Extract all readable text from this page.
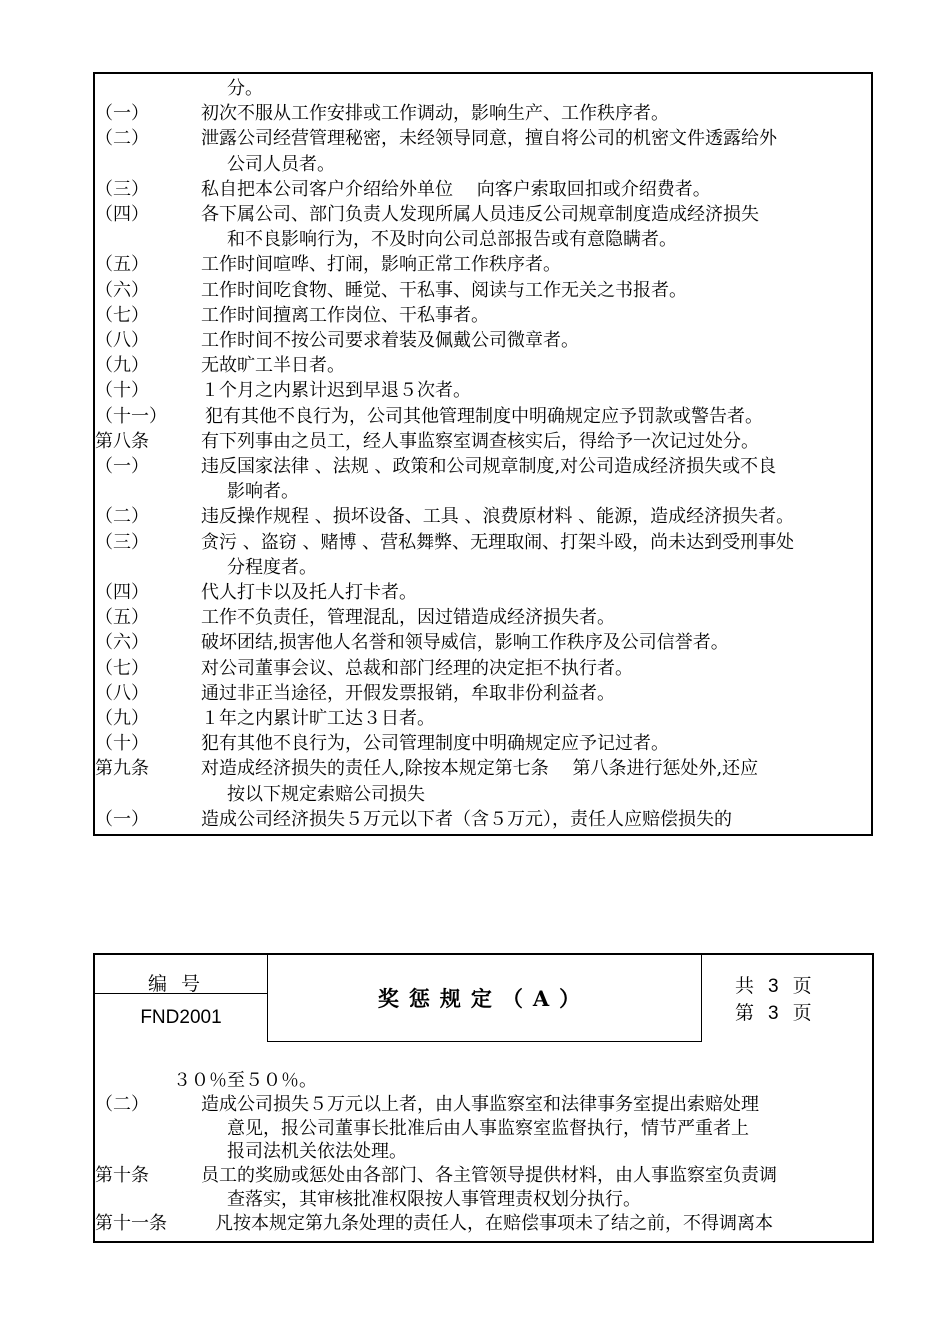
分。
（一）	初次不服从工作安排或工作调动，影响生产、工作秩序者。
（二）	泄露公司经营管理秘密，未经领导同意，擅自将公司的机密文件透露给外
公司人员者。
（三）	私自把本公司客户介绍给外单位　 向客户索取回扣或介绍费者。
（四）	各下属公司、部门负责人发现所属人员违反公司规章制度造成经济损失
和不良影响行为，不及时向公司总部报告或有意隐瞒者。
（五）	工作时间喧哗、打闹，影响正常工作秩序者。
（六）	工作时间吃食物、睡觉、干私事、阅读与工作无关之书报者。
（七）	工作时间擅离工作岗位、干私事者。
（八）	工作时间不按公司要求着装及佩戴公司微章者。
（九）	无故旷工半日者。
（十）	１个月之内累计迟到早退５次者。
（十一） 犯有其他不良行为，公司其他管理制度中明确规定应予罚款或警告者。
第八条	有下列事由之员工，经人事监察室调查核实后，得给予一次记过处分。
（一）	违反国家法律 、法规 、政策和公司规章制度,对公司造成经济损失或不良
影响者。
（二）	违反操作规程 、损坏设备、工具 、浪费原材料 、能源，造成经济损失者。
（三）	贪污 、盗窃 、赌博 、营私舞弊、无理取闹、打架斗殴，尚未达到受刑事处
分程度者。
（四）	代人打卡以及托人打卡者。
（五）	工作不负责任，管理混乱，因过错造成经济损失者。
（六）	破坏团结,损害他人名誉和领导威信，影响工作秩序及公司信誉者。
（七）	对公司董事会议、总裁和部门经理的决定拒不执行者。
（八）	通过非正当途径，开假发票报销，牟取非份利益者。
（九）	１年之内累计旷工达３日者。
（十）	犯有其他不良行为，公司管理制度中明确规定应予记过者。
第九条	对造成经济损失的责任人,除按本规定第七条　 第八条进行惩处外,还应
按以下规定索赔公司损失
（一）	造成公司经济损失５万元以下者（含５万元），责任人应赔偿损失的
编号
FND2001
奖惩规定（A）	共 3 页
第 3 页
３０％至５０％。
（二）	造成公司损失５万元以上者，由人事监察室和法律事务室提出索赔处理
意见，报公司董事长批准后由人事监察室监督执行，情节严重者上
报司法机关依法处理。
第十条	员工的奖励或惩处由各部门、各主管领导提供材料，由人事监察室负责调
查落实，其审核批准权限按人事管理责权划分执行。
第十一条	凡按本规定第九条处理的责任人，在赔偿事项未了结之前，不得调离本
